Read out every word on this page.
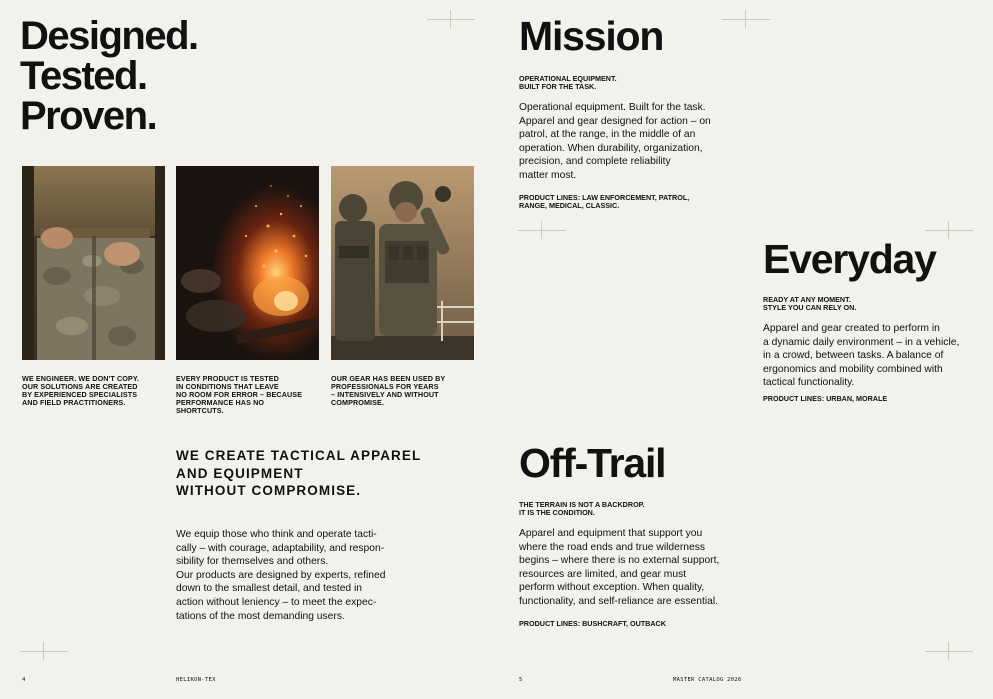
Designed.
Tested.
Proven.
WE ENGINEER. WE DON'T COPY.
OUR SOLUTIONS ARE CREATED
BY EXPERIENCED SPECIALISTS
AND FIELD PRACTITIONERS.
EVERY PRODUCT IS TESTED
IN CONDITIONS THAT LEAVE
NO ROOM FOR ERROR – BECAUSE
PERFORMANCE HAS NO
SHORTCUTS.
OUR GEAR HAS BEEN USED BY
PROFESSIONALS FOR YEARS
– INTENSIVELY AND WITHOUT
COMPROMISE.
WE CREATE TACTICAL APPAREL
AND EQUIPMENT
WITHOUT COMPROMISE.
We equip those who think and operate tacti-
cally – with courage, adaptability, and respon-
sibility for themselves and others.
Our products are designed by experts, refined
down to the smallest detail, and tested in
action without leniency – to meet the expec-
tations of the most demanding users.
Mission
OPERATIONAL EQUIPMENT.
BUILT FOR THE TASK.
Operational equipment. Built for the task.
Apparel and gear designed for action – on
patrol, at the range, in the middle of an
operation. When durability, organization,
precision, and complete reliability
matter most.
PRODUCT LINES: LAW ENFORCEMENT, PATROL,
RANGE, MEDICAL, CLASSIC.
Everyday
READY AT ANY MOMENT.
STYLE YOU CAN RELY ON.
Apparel and gear created to perform in
a dynamic daily environment – in a vehicle,
in a crowd, between tasks. A balance of
ergonomics and mobility combined with
tactical functionality.
PRODUCT LINES: URBAN, MORALE
Off-Trail
THE TERRAIN IS NOT A BACKDROP.
IT IS THE CONDITION.
Apparel and equipment that support you
where the road ends and true wilderness
begins – where there is no external support,
resources are limited, and gear must
perform without exception. When quality,
functionality, and self-reliance are essential.
PRODUCT LINES: BUSHCRAFT, OUTBACK
4	HELIKON-TEX	5	MASTER CATALOG 2026
